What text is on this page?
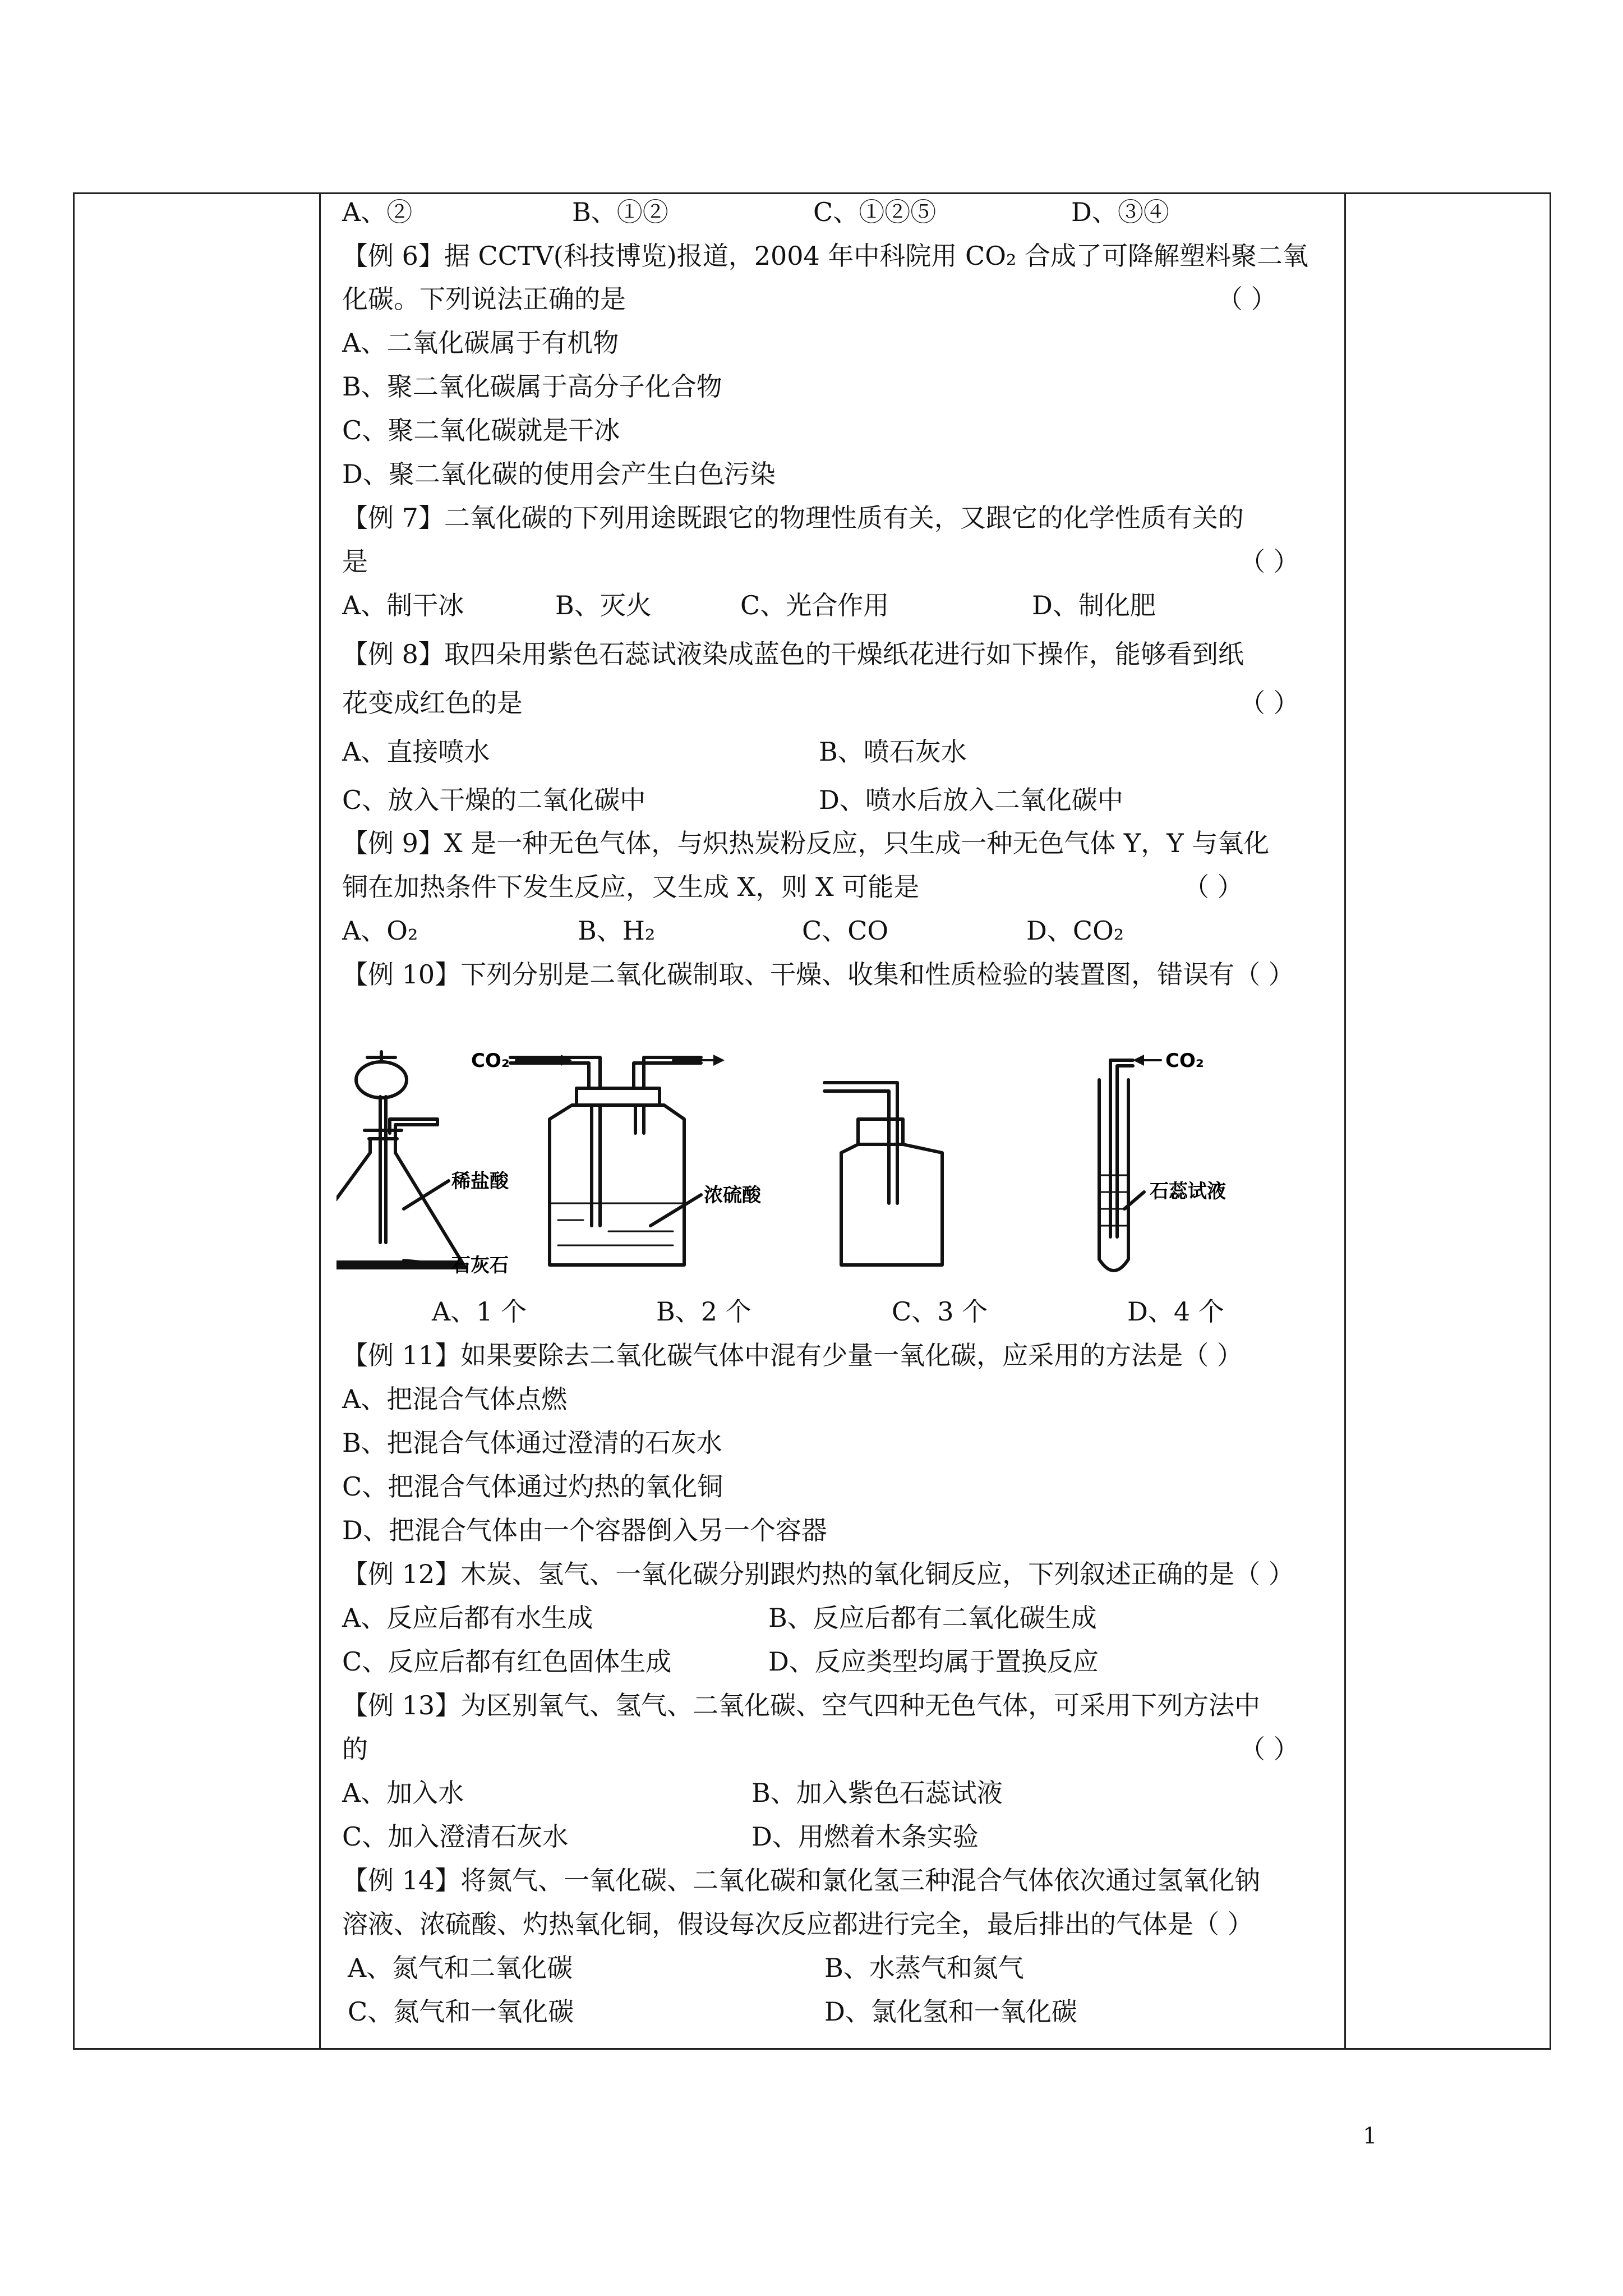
A、②	B、①②	C、①②⑤	D、③④
【例 6】据 CCTV(科技博览)报道，2004 年中科院用 CO₂ 合成了可降解塑料聚二氧
化碳。下列说法正确的是	（ ）
A、二氧化碳属于有机物
B、聚二氧化碳属于高分子化合物
C、聚二氧化碳就是干冰
D、聚二氧化碳的使用会产生白色污染
【例 7】二氧化碳的下列用途既跟它的物理性质有关，又跟它的化学性质有关的
是	（ ）
A、制干冰	B、灭火	C、光合作用	D、制化肥
【例 8】取四朵用紫色石蕊试液染成蓝色的干燥纸花进行如下操作，能够看到纸
花变成红色的是	（ ）
A、直接喷水	B、喷石灰水
C、放入干燥的二氧化碳中	D、喷水后放入二氧化碳中
【例 9】X 是一种无色气体，与炽热炭粉反应，只生成一种无色气体 Y，Y 与氧化
铜在加热条件下发生反应，又生成 X，则 X 可能是	（ ）
A、O₂	B、H₂	C、CO	D、CO₂
【例 10】下列分别是二氧化碳制取、干燥、收集和性质检验的装置图，错误有（ ）
稀盐酸
石灰石
CO₂
浓硫酸
CO₂
石蕊试液
A、1 个	B、2 个	C、3 个	D、4 个
【例 11】如果要除去二氧化碳气体中混有少量一氧化碳，应采用的方法是（ ）
A、把混合气体点燃
B、把混合气体通过澄清的石灰水
C、把混合气体通过灼热的氧化铜
D、把混合气体由一个容器倒入另一个容器
【例 12】木炭、氢气、一氧化碳分别跟灼热的氧化铜反应，下列叙述正确的是（ ）
A、反应后都有水生成	B、反应后都有二氧化碳生成
C、反应后都有红色固体生成	D、反应类型均属于置换反应
【例 13】为区别氧气、氢气、二氧化碳、空气四种无色气体，可采用下列方法中
的	（ ）
A、加入水	B、加入紫色石蕊试液
C、加入澄清石灰水	D、用燃着木条实验
【例 14】将氮气、一氧化碳、二氧化碳和氯化氢三种混合气体依次通过氢氧化钠
溶液、浓硫酸、灼热氧化铜，假设每次反应都进行完全，最后排出的气体是（ ）
A、氮气和二氧化碳	B、水蒸气和氮气
C、氮气和一氧化碳	D、氯化氢和一氧化碳
1
